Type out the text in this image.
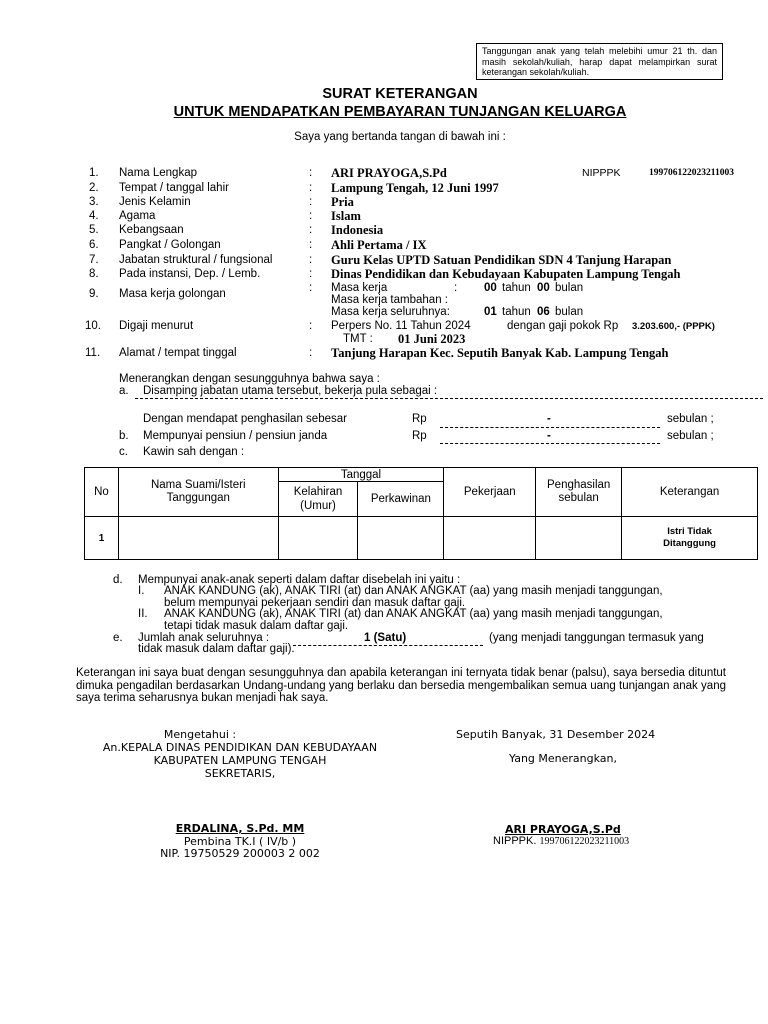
Tanggungan anak yang telah melebihi umur 21 th. dan masih sekolah/kuliah, harap dapat melampirkan surat keterangan sekolah/kuliah.
SURAT KETERANGAN
UNTUK MENDAPATKAN PEMBAYARAN TUNJANGAN KELUARGA
Saya yang bertanda tangan di bawah ini :
1. Nama Lengkap	: ARI PRAYOGA,S.Pd	NIPPPK	199706122023211003
2. Tempat / tanggal lahir	: Lampung Tengah, 12 Juni 1997
3. Jenis Kelamin	: Pria
4. Agama	: Islam
5. Kebangsaan	: Indonesia
6. Pangkat / Golongan	: Ahli Pertama / IX
7. Jabatan struktural / fungsional	: Guru Kelas UPTD Satuan Pendidikan SDN 4 Tanjung Harapan
8. Pada instansi, Dep. / Lemb.	: Dinas Pendidikan dan Kebudayaan Kabupaten Lampung Tengah
9. Masa kerja golongan	: Masa kerja	: 00 tahun 00 bulan
Masa kerja tambahan :
Masa kerja seluruhnya:	01 tahun 06 bulan
10. Digaji menurut	: Perpers No. 11 Tahun 2024	dengan gaji pokok Rp 3.203.600,- (PPPK)
TMT : 01 Juni 2023
11. Alamat / tempat tinggal	: Tanjung Harapan Kec. Seputih Banyak Kab. Lampung Tengah
Menerangkan dengan sesungguhnya bahwa saya :
a. Disamping jabatan utama tersebut, bekerja pula sebagai :
Dengan mendapat penghasilan sebesar	Rp	-	sebulan ;
b. Mempunyai pensiun / pensiun janda	Rp	-	sebulan ;
c. Kawin sah dengan :
No	Nama Suami/Isteri Tanggungan	Tanggal		Pekerjaan	Penghasilan sebulan	Keterangan
		Kelahiran (Umur)	Perkawinan			
1						Istri Tidak Ditanggung
d. Mempunyai anak-anak seperti dalam daftar disebelah ini yaitu :
I. ANAK KANDUNG (ak), ANAK TIRI (at) dan ANAK ANGKAT (aa) yang masih menjadi tanggungan,
belum mempunyai pekerjaan sendiri dan masuk daftar gaji.
II. ANAK KANDUNG (ak), ANAK TIRI (at) dan ANAK ANGKAT (aa) yang masih menjadi tanggungan,
tetapi tidak masuk dalam daftar gaji.
e. Jumlah anak seluruhnya :	1 (Satu)	(yang menjadi tanggungan termasuk yang
tidak masuk dalam daftar gaji).
Keterangan ini saya buat dengan sesungguhnya dan apabila keterangan ini ternyata tidak benar (palsu), saya bersedia dituntut dimuka pengadilan berdasarkan Undang-undang yang berlaku dan bersedia mengembalikan semua uang tunjangan anak yang saya terima seharusnya bukan menjadi hak saya.
Mengetahui :
An.KEPALA DINAS PENDIDIKAN DAN KEBUDAYAAN
KABUPATEN LAMPUNG TENGAH
SEKRETARIS,
ERDALINA, S.Pd. MM
Pembina TK.I ( IV/b )
NIP. 19750529 200003 2 002
Seputih Banyak, 31 Desember 2024
Yang Menerangkan,
ARI PRAYOGA,S.Pd
NIPPPK. 199706122023211003
